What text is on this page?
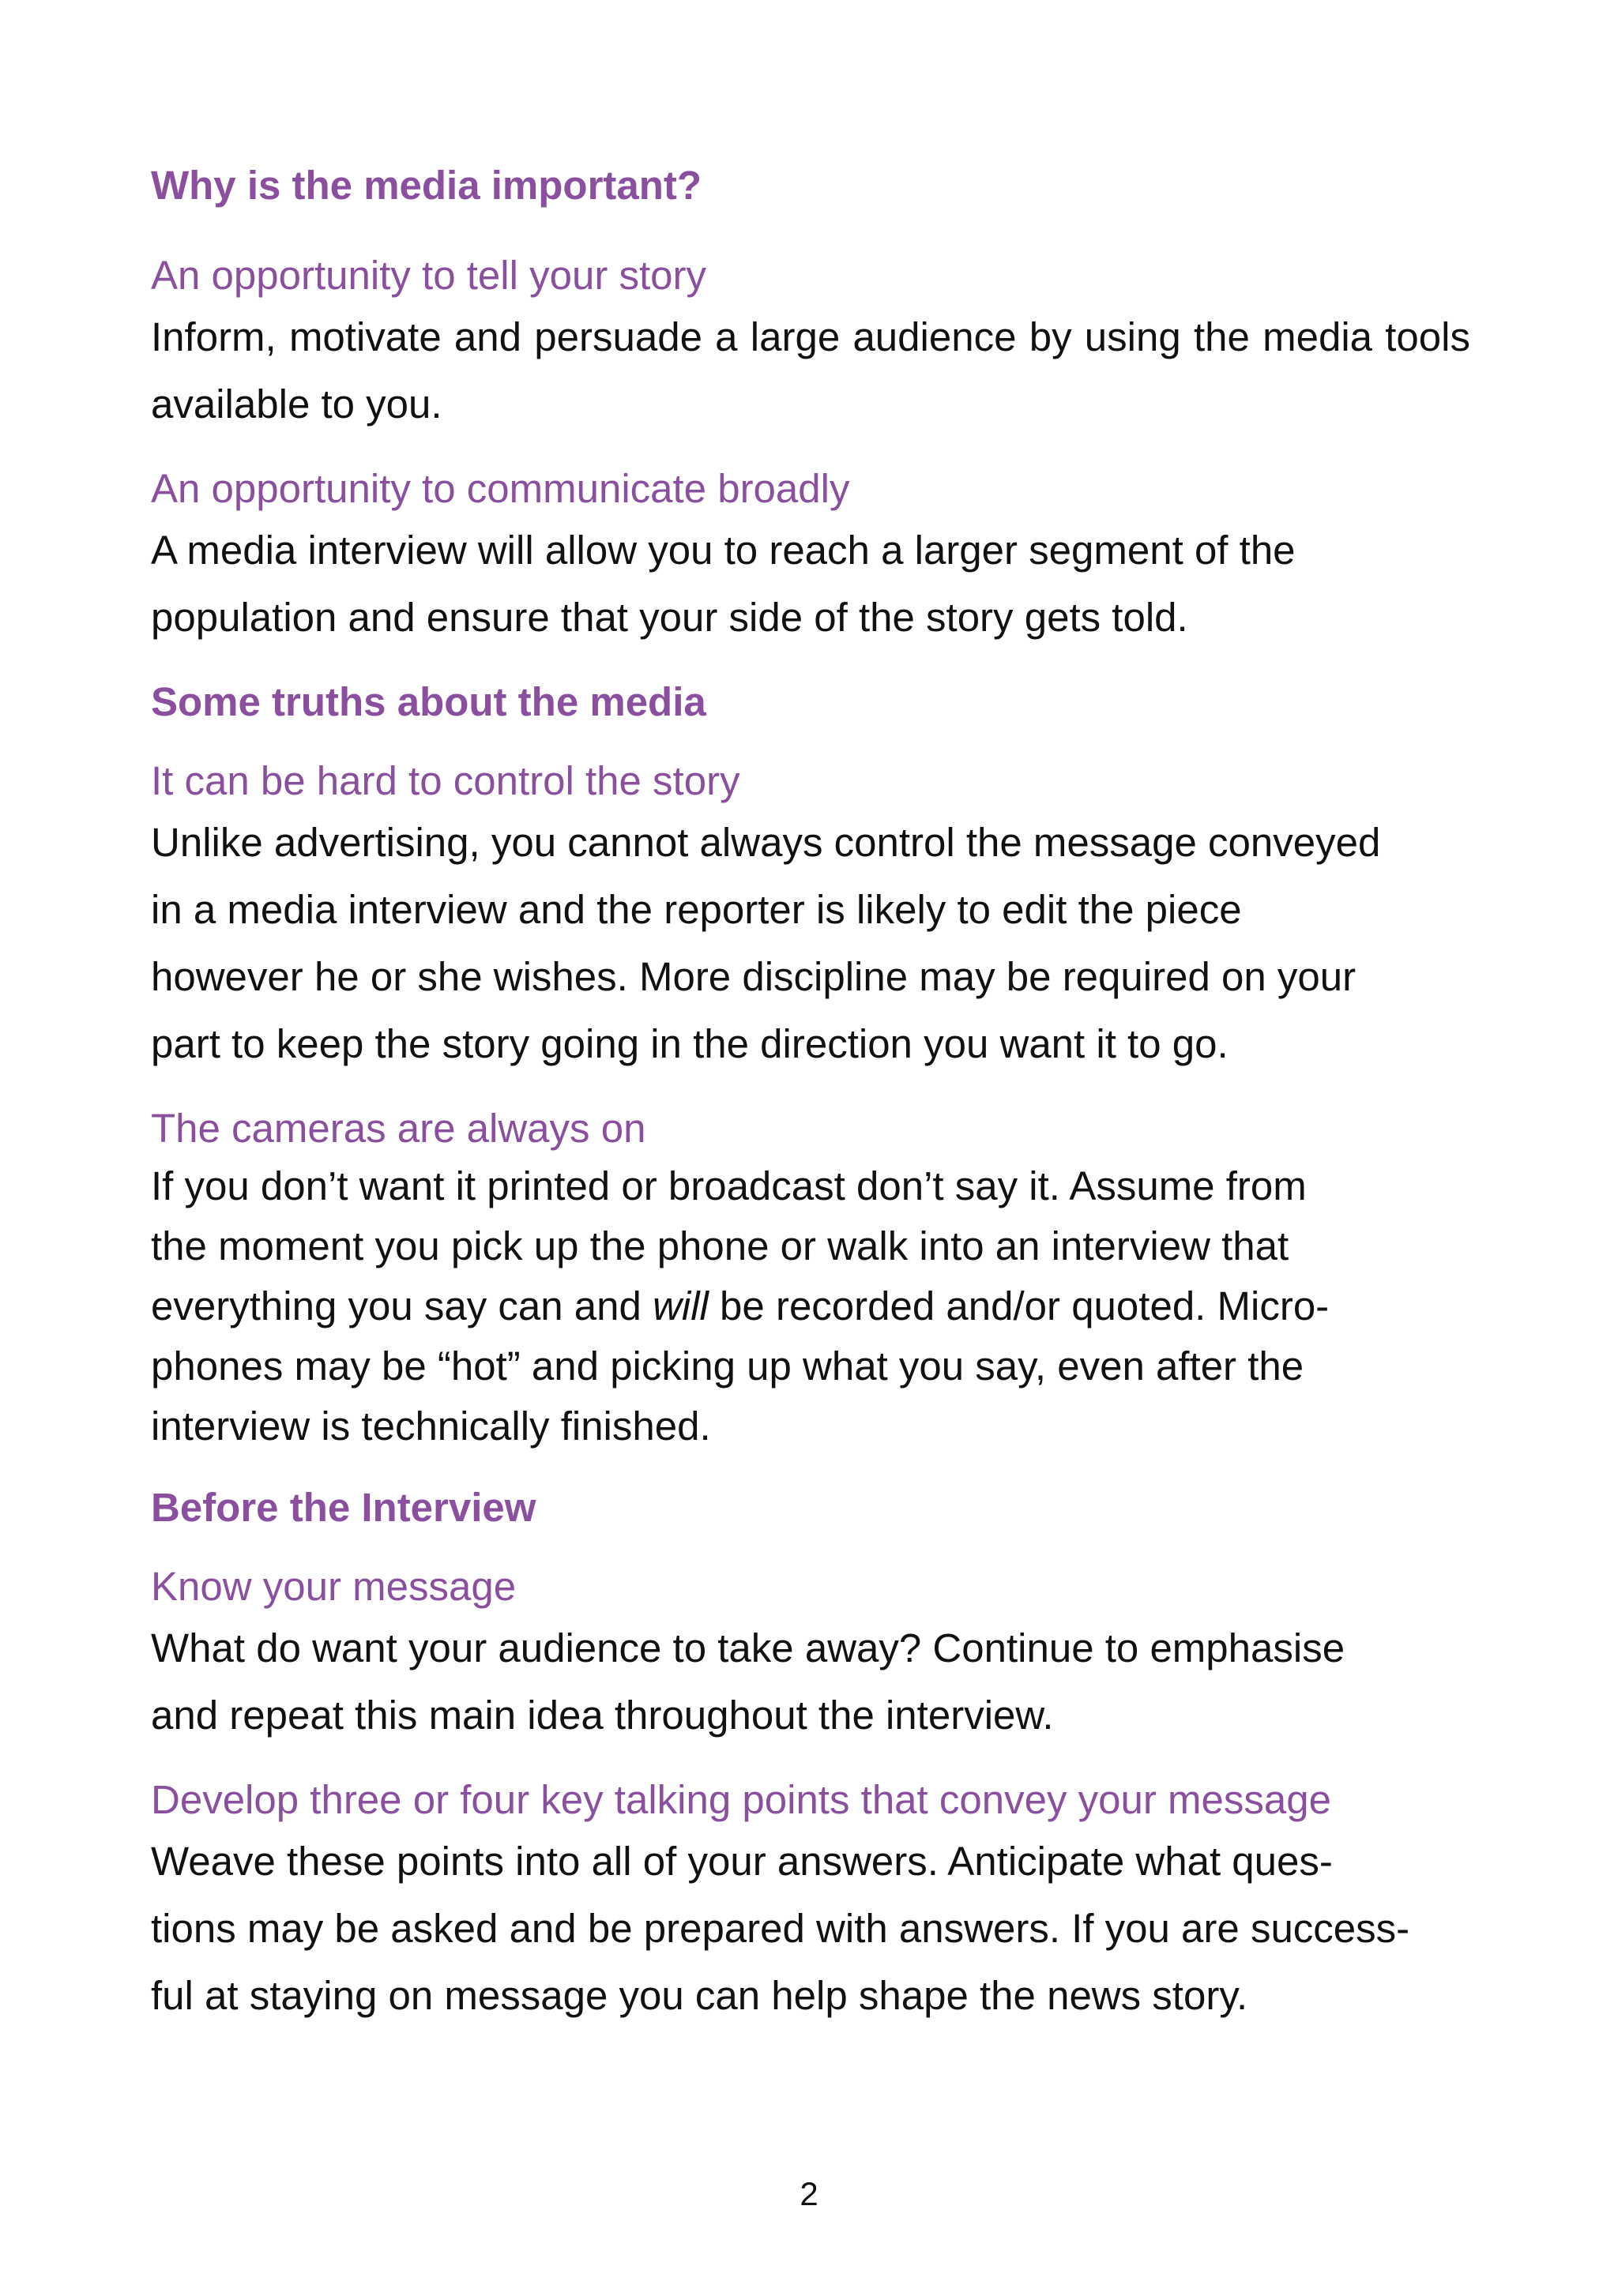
Why is the media important?
An opportunity to tell your story

Inform, motivate and persuade a large audience by using the media tools available to you.

An opportunity to communicate broadly

A media interview will allow you to reach a larger segment of the
population and ensure that your side of the story gets told.

Some truths about the media
It can be hard to control the story

Unlike advertising, you cannot always control the message conveyed
in a media interview and the reporter is likely to edit the piece
however he or she wishes. More discipline may be required on your
part to keep the story going in the direction you want it to go.

The cameras are always on

If you don’t want it printed or broadcast don’t say it. Assume from
the moment you pick up the phone or walk into an interview that
everything you say can and will be recorded and/or quoted. Micro-
phones may be “hot” and picking up what you say, even after the
interview is technically finished.

Before the Interview
Know your message

What do want your audience to take away? Continue to emphasise
and repeat this main idea throughout the interview.

Develop three or four key talking points that convey your message

Weave these points into all of your answers. Anticipate what ques-
tions may be asked and be prepared with answers. If you are success-
ful at staying on message you can help shape the news story.

2
